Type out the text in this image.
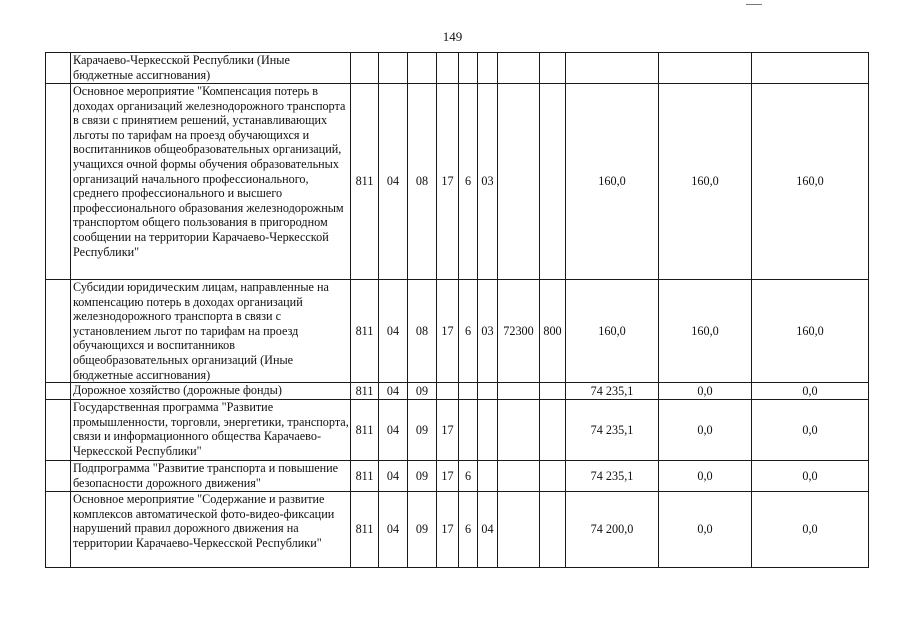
149
	Карачаево-Черкесской Республики (Иные бюджетные ассигнования)											
	Основное мероприятие "Компенсация потерь в доходах организаций железнодорожного транспорта в связи с принятием решений, устанавливающих льготы по тарифам на проезд обучающихся и воспитанников общеобразовательных организаций, учащихся очной формы обучения образовательных организаций начального профессионального, среднего профессионального и высшего профессионального образования железнодорожным транспортом общего пользования в пригородном сообщении на территории Карачаево-Черкесской Республики"	811	04	08	17	6	03			160,0	160,0	160,0
	Субсидии юридическим лицам, направленные на компенсацию потерь в доходах организаций железнодорожного транспорта в связи с установлением льгот по тарифам на проезд обучающихся и воспитанников общеобразовательных организаций (Иные бюджетные ассигнования)	811	04	08	17	6	03	72300	800	160,0	160,0	160,0
	Дорожное хозяйство (дорожные фонды)	811	04	09						74 235,1	0,0	0,0
	Государственная программа "Развитие промышленности, торговли, энергетики, транспорта, связи и информационного общества Карачаево-Черкесской Республики"	811	04	09	17					74 235,1	0,0	0,0
	Подпрограмма "Развитие транспорта и повышение безопасности дорожного движения"	811	04	09	17	6				74 235,1	0,0	0,0
	Основное мероприятие "Содержание и развитие комплексов автоматической фото-видео-фиксации нарушений правил дорожного движения на территории Карачаево-Черкесской Республики"	811	04	09	17	6	04			74 200,0	0,0	0,0
